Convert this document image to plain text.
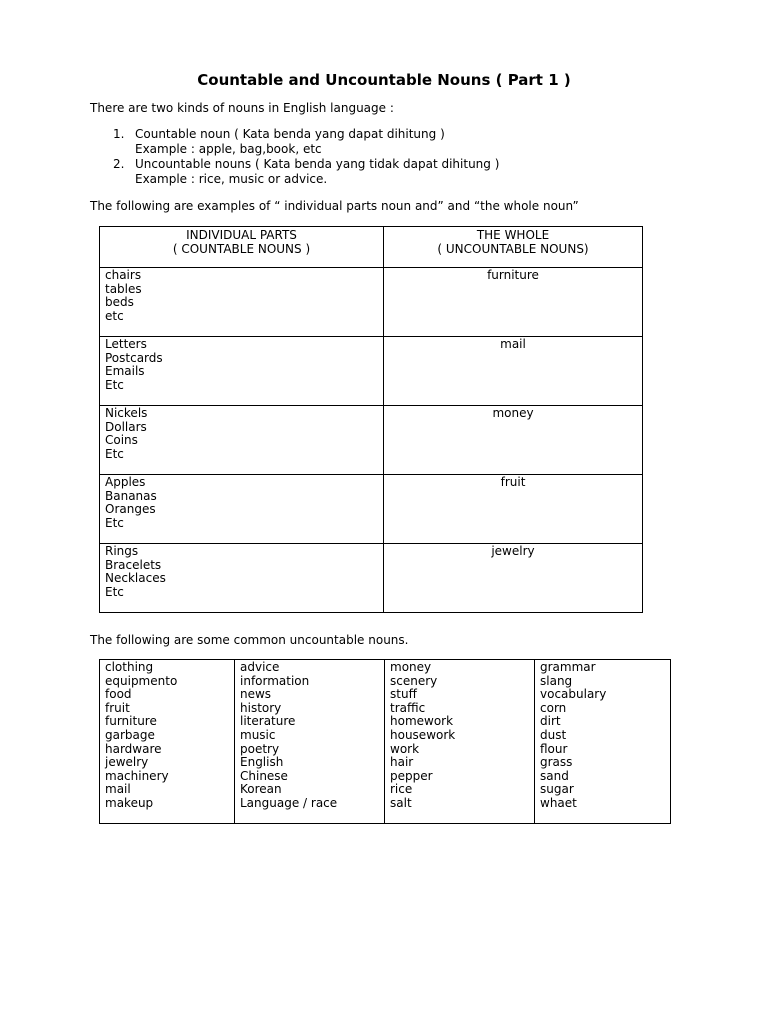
Countable and Uncountable Nouns ( Part 1 )

There are two kinds of nouns in English language :

1. Countable noun ( Kata benda yang dapat dihitung )
Example : apple, bag,book, etc
2. Uncountable nouns ( Kata benda yang tidak dapat dihitung )
Example : rice, music or advice.

The following are examples of “ individual parts noun and” and “the whole noun”

INDIVIDUAL PARTS
( COUNTABLE NOUNS )	THE WHOLE
( UNCOUNTABLE NOUNS)

chairs
tables
beds
etc	furniture

Letters
Postcards
Emails
Etc	mail

Nickels
Dollars
Coins
Etc	money

Apples
Bananas
Oranges
Etc	fruit

Rings
Bracelets
Necklaces
Etc	jewelry

The following are some common uncountable nouns.

clothing
equipmento
food
fruit
furniture
garbage
hardware
jewelry
machinery
mail
makeup

advice
information
news
history
literature
music
poetry
English
Chinese
Korean
Language / race

money
scenery
stuff
traffic
homework
housework
work
hair
pepper
rice
salt

grammar
slang
vocabulary
corn
dirt
dust
flour
grass
sand
sugar
whaet
